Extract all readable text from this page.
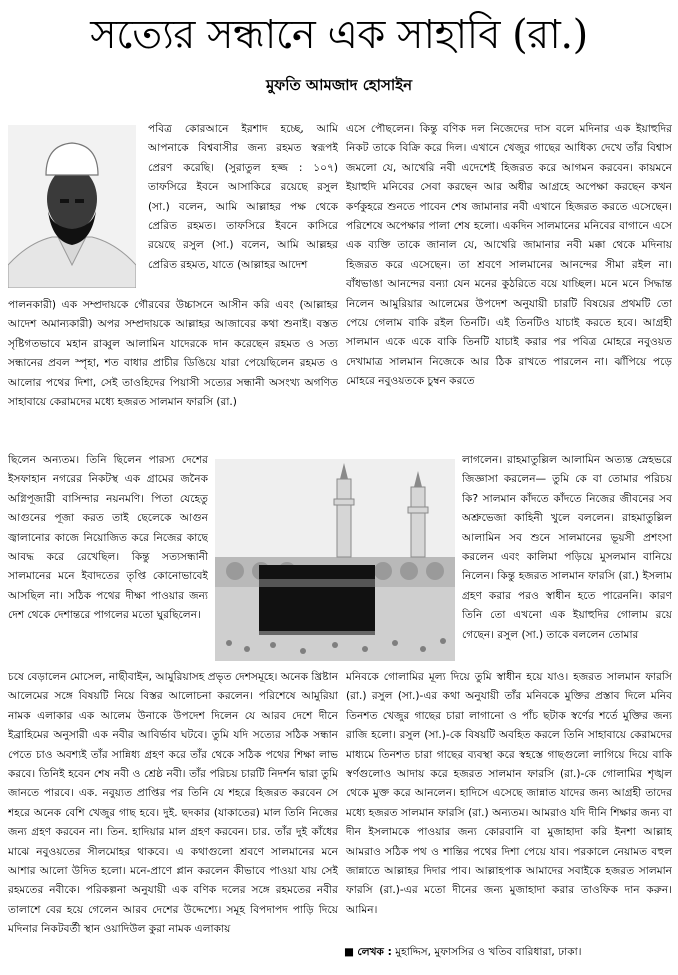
সত্যের সন্ধানে এক সাহাবি (রা.)
মুফতি আমজাদ হোসাইন

পবিত্র কোরআনে ইরশাদ হচ্ছে, আমি আপনাকে বিশ্ববাসীর জন্য রহমত স্বরূপই প্রেরণ করেছি। (সুরাতুল হজ্জ : ১০৭) তাফসিরে ইবনে আসাকিরে রয়েছে রসুল (সা.) বলেন, আমি আল্লাহর পক্ষ থেকে প্রেরিত রহমত। তাফসিরে ইবনে কাসিরে রয়েছে রসুল (সা.) বলেন, আমি আল্লহর প্রেরিত রহমত, যাতে (আল্লাহর আদেশ

পালনকারী) এক সম্প্রদায়কে গৌরবের উচ্চাসনে আসীন করি এবং (আল্লাহর আদেশ অমান্যকারী) অপর সম্প্রদায়কে আল্লাহর আজাবের কথা শুনাই। বস্তত সৃষ্টিগতভাবে মহান রাব্বুল আলামিন যাদেরকে দান করেছেন রহমত ও সত্য সন্ধানের প্রবল স্পৃহা, শত বাধার প্রাচীর ডিঙিয়ে যারা পেয়েছিলেন রহমত ও আলোর পথের দিশা, সেই তাওহিদের পিয়াসী সত্যের সন্ধানী অসংখ্য অগণিত সাহাবায়ে কেরামদের মধ্যে হজরত সালমান ফারসি (রা.)

ছিলেন অন্যতম। তিনি ছিলেন পারস্য দেশের ইসফাহান নগরের নিকটস্থ এক গ্রামের জনৈক অগ্নিপূজারী বাসিন্দার নয়নমণি। পিতা যেহেতু আগুনের পূজা করত তাই ছেলেকে আগুন জ্বালানোর কাজে নিয়োজিত করে নিজের কাছে আবদ্ধ করে রেখেছিল। কিন্তু সত্যসন্ধানী সালমানের মনে ইবাদতের তৃপ্তি কোনোভাবেই আসছিল না। সঠিক পথের দীক্ষা পাওয়ার জন্য দেশ থেকে দেশান্তরে পাগলের মতো ঘুরছিলেন।

চষে বেড়ালেন মোসেল, নাছীবাইন, আমুরিয়াসহ প্রভৃত দেশসমূহে। অনেক খ্রিষ্টান আলেমের সঙ্গে বিষয়টি নিয়ে বিস্তর আলোচনা করলেন। পরিশেষে আমুরিয়া নামক এলাকার এক আলেম উনাকে উপদেশ দিলেন যে আরব দেশে দীনে ইব্রাহিমের অনুসারী এক নবীর আবির্ভাব ঘটবে। তুমি যদি সত্যের সঠিক সন্ধান পেতে চাও অবশ্যই তাঁর সান্নিধ্য গ্রহণ করে তাঁর থেকে সঠিক পথের শিক্ষা লাভ করবে। তিনিই হবেন শেষ নবী ও শ্রেষ্ঠ নবী। তাঁর পরিচয় চারটি নিদর্শন দ্বারা তুমি জানতে পারবে। এক. নবুয়্যত প্রাপ্তির পর তিনি যে শহরে হিজরত করবেন সে শহরে অনেক বেশি খেজুর গাছ হবে। দুই. ছদকার (যাকাতের) মাল তিনি নিজের জন্য গ্রহণ করবেন না। তিন. হাদিয়ার মাল গ্রহণ করবেন। চার. তাঁর দুই কাঁধের মাঝে নবুওয়তের সীলমোহর থাকবে। এ কথাগুলো শ্রবণে সালমানের মনে আশার আলো উদিত হলো। মনে-প্রাণে প্লান করলেন কীভাবে পাওয়া যায় সেই রহমতের নবীকে। পরিকল্পনা অনুযায়ী এক বণিক দলের সঙ্গে রহমতের নবীর তালাশে বের হয়ে গেলেন আরব দেশের উদ্দেশ্যে। সমূহ বিপদাপদ পাড়ি দিয়ে মদিনার নিকটবর্তী স্থান ওয়াদিউল কুরা নামক এলাকায়

এসে পৌছলেন। কিন্তু বণিক দল নিজেদের দাস বলে মদিনার এক ইয়াহুদির নিকট তাকে বিক্রি করে দিল। এখানে খেজুর গাছের আধিক্য দেখে তাঁর বিশ্বাস জমলো যে, আখেরি নবী এদেশেই হিজরত করে আগমন করবেন। কায়মনে ইয়াহুদি মনিবের সেবা করছেন আর অধীর আগ্রহে অপেক্ষা করছেন কখন কর্ণকুহরে শুনতে পাবেন শেষ জামানার নবী এখানে হিজরত করতে এসেছেন। পরিশেষে অপেক্ষার পালা শেষ হলো। একদিন সালমানের মনিবের বাগানে এসে এক ব্যক্তি তাকে জানাল যে, আখেরি জামানার নবী মক্কা থেকে মদিনায় হিজরত করে এসেছেন। তা শ্রবণে সালমানের আনন্দের সীমা রইল না। বাঁধভাঙা আনন্দের বন্যা যেন মনের কুঠরিতে বয়ে যাচ্ছিল। মনে মনে সিদ্ধান্ত নিলেন আমুরিয়ার আলেমের উপদেশ অনুযায়ী চারটি বিষয়ের প্রথমটি তো পেয়ে গেলাম বাকি রইল তিনটি। এই তিনটিও যাচাই করতে হবে। আগ্রহী সালমান একে একে বাকি তিনটি যাচাই করার পর পবিত্র মোহরে নবুওয়ত দেখামাত্র সালমান নিজেকে আর ঠিক রাখতে পারলেন না। ঝাঁপিয়ে পড়ে মোহরে নবুওয়তকে চুম্বন করতে

লাগলেন। রাহমাতুল্লিল আলামিন অত্যন্ত স্নেহভরে জিজ্ঞাসা করলেন— তুমি কে বা তোমার পরিচয় কি? সালমান কাঁদতে কাঁদতে নিজের জীবনের সব অশ্রুভেজা কাহিনী খুলে বললেন। রাহমাতুল্লিল আলামিন সব শুনে সালমানের ভূয়সী প্রশংসা করলেন এবং কালিমা পড়িয়ে মুসলমান বানিয়ে নিলেন। কিন্তু হজরত সালমান ফারসি (রা.) ইসলাম গ্রহণ করার পরও স্বাধীন হতে পারেননি। কারণ তিনি তো এখনো এক ইয়াহুদির গোলাম রয়ে গেছেন। রসুল (সা.) তাকে বললেন তোমার

মনিবকে গোলামির মূল্য দিয়ে তুমি স্বাধীন হয়ে যাও। হজরত সালমান ফারসি (রা.) রসুল (সা.)-এর কথা অনুযায়ী তাঁর মনিবকে মুক্তির প্রস্তাব দিলে মনিব তিনশত খেজুর গাছের চারা লাগানো ও পাঁচ ছটাক স্বর্ণের শর্তে মুক্তির জন্য রাজি হলো। রসুল (সা.)-কে বিষয়টি অবহিত করলে তিনি সাহাবায়ে কেরামদের মাধ্যমে তিনশত চারা গাছের ব্যবস্থা করে স্বহস্তে গাছগুলো লাগিয়ে দিয়ে বাকি স্বর্ণগুলোও আদায় করে হজরত সালমান ফারসি (রা.)-কে গোলামির শৃঙ্খল থেকে মুক্ত করে আনলেন। হাদিসে এসেছে জান্নাত যাদের জন্য আগ্রহী তাদের মধ্যে হজরত সালমান ফারসি (রা.) অন্যতম। আমরাও যদি দীনি শিক্ষার জন্য বা দীন ইসলামকে পাওয়ার জন্য কোরবানি বা মুজাহাদা করি ইনশা আল্লাহ আমরাও সঠিক পথ ও শান্তির পথের দিশা পেয়ে যাব। পরকালে নেয়ামত বহুল জান্নাতে আল্লাহর দিদার পাব। আল্লাহপাক আমাদের সবাইকে হজরত সালমান ফারসি (রা.)-এর মতো দীনের জন্য মুজাহাদা করার তাওফিক দান করুন। আমিন।

■ লেখক : মুহাদ্দিস, মুফাসসির ও খতিব বারিধারা, ঢাকা।
